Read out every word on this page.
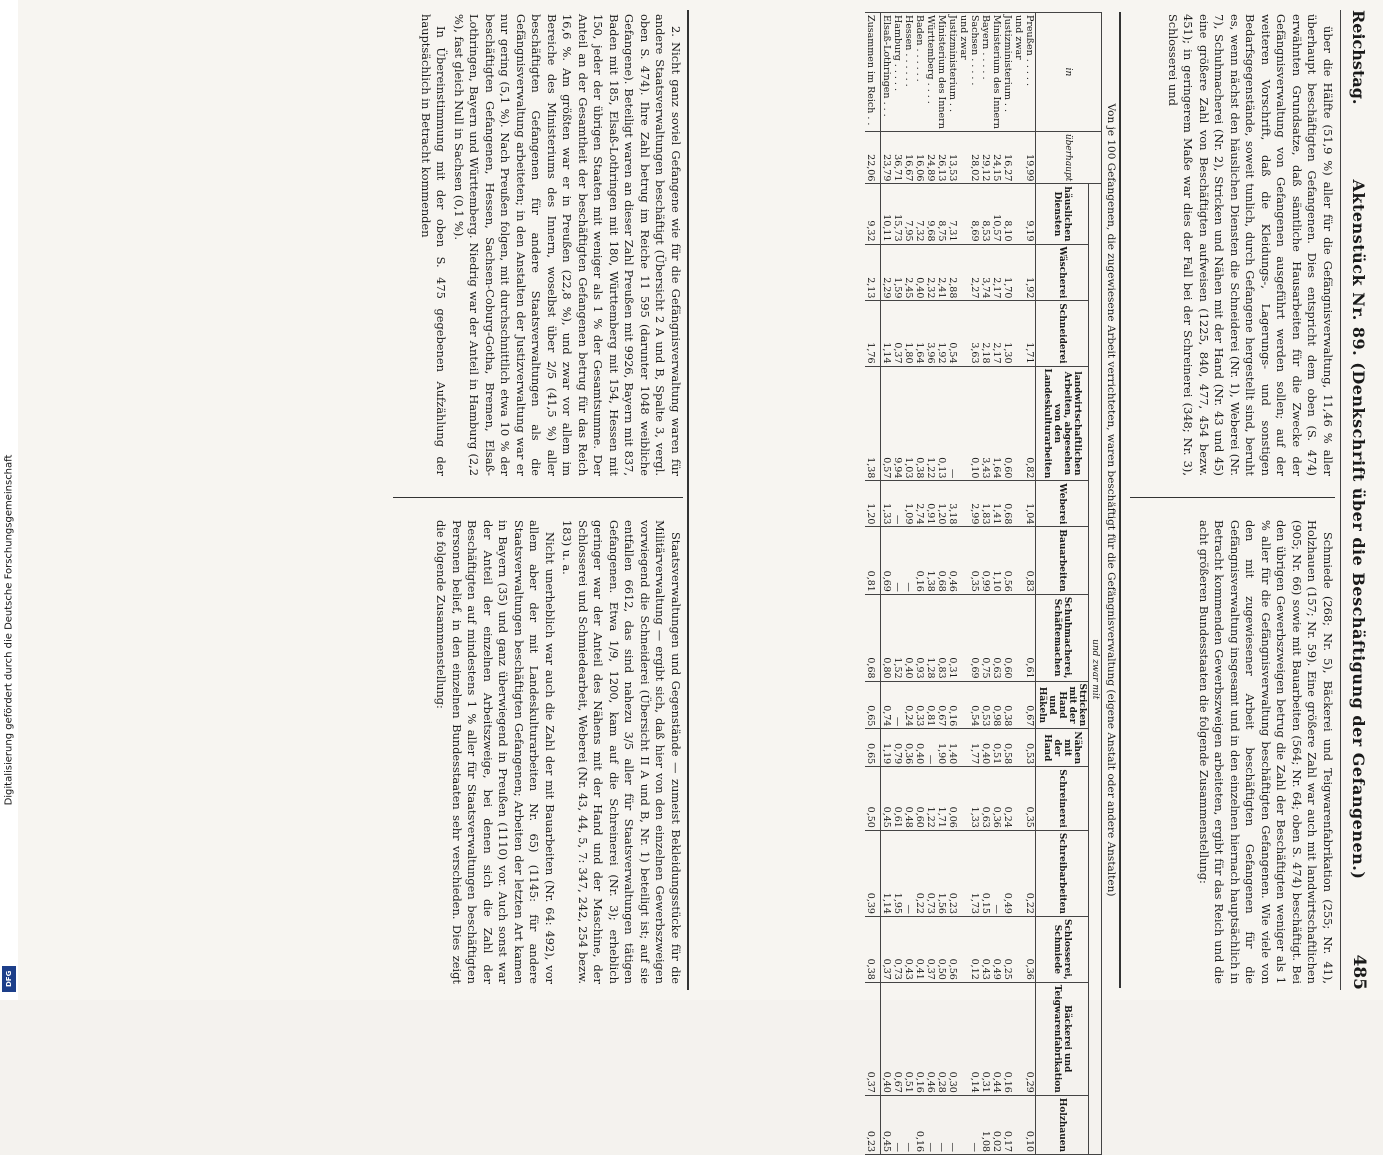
Digitalisierung gefördert durch die Deutsche Forschungsgemeinschaft
DFG
Reichstag.
Aktenstück Nr. 89. (Denkschrift über die Beschäftigung der Gefangenen.)
485

über die Hälfte (51,9 %) aller für die Gefängnisverwaltung, 11,46 % aller überhaupt beschäftigten Gefangenen. Dies entspricht dem oben (S. 474) erwähnten Grundsatze, daß sämtliche Hausarbeiten für die Zwecke der Gefängnisverwaltung von Gefangenen ausgeführt werden sollen; auf der weiteren Vorschrift, daß die Kleidungs-, Lagerungs- und sonstigen Bedarfsgegenstände, soweit tunlich, durch Gefangene hergestellt sind, beruht es, wenn nächst den häuslichen Diensten die Schneiderei (Nr. 1), Weberei (Nr. 7), Schuhmacherei (Nr. 2), Stricken und Nähen mit der Hand (Nr. 43 und 45) eine größere Zahl von Beschäftigten aufweisen (1225, 840, 477, 454 bezw. 451); in geringerem Maße war dies der Fall bei der Schreinerei (348; Nr. 3), Schlosserei und

Schmiede (268; Nr. 5), Bäckerei und Teigwarenfabrikation (255; Nr. 41), Holzhauen (157; Nr. 59). Eine größere Zahl war auch mit landwirtschaftlichen (905; Nr. 66) sowie mit Bauarbeiten (564; Nr. 64; oben S. 474) beschäftigt. Bei den übrigen Gewerbszweigen betrug die Zahl der Beschäftigten weniger als 1 % aller für die Gefängnisverwaltung beschäftigten Gefangenen. Wie viele von den mit zugewiesener Arbeit beschäftigten Gefangenen für die Gefängnisverwaltung insgesamt und in den einzelnen hiernach hauptsächlich in Betracht kommenden Gewerbszweigen arbeiteten, ergibt für das Reich und die acht größeren Bundesstaaten die folgende Zusammenstellung:

Von je 100 Gefangenen, die zugewiesene Arbeit verrichteten, waren beschäftigt für die Gefängnisverwaltung (eigene Anstalt oder andere Anstalten)
in	überhaupt	und zwar mit													
		häuslichen Diensten	Wäscherei	Schneiderei	landwirtschaftlichen Arbeiten, abgesehen von den Landeskulturarbeiten	Weberei	Bauarbeiten	Schuhmacherei, Schäftemachen	Stricken mit der Hand und Häkeln	Nähen mit der Hand	Schreinerei	Schreibarbeiten	Schlosserei, Schmiede	Bäckerei und Teigwarenfabrikation	Holzhauen
Preußen . . . . .	19,99	9,19	1,92	1,71	0,82	1,04	0,83	0,61	0,67	0,53	0,35	0,22	0,36	0,29	0,10
und zwar															
Justizministerium . .	16,27	8,10	1,70	1,30	0,60	0,68	0,56	0,60	0,38	0,58	0,24	0,49	0,25	0,16	0,17
Ministerium des Innern	24,15	10,57	2,17	2,17	1,64	1,41	1,10	0,63	0,98	0,51	0,36	—	0,49	0,44	0,02
Bayern . . . . .	29,12	8,53	3,74	2,18	3,43	1,83	0,99	0,75	0,53	0,40	0,63	0,15	0,43	0,31	1,08
Sachsen . . . . .	28,02	8,69	2,27	3,63	0,10	2,99	0,35	0,69	0,54	1,77	1,33	1,73	0,12	0,14	—
und zwar															
Justizministerium . .	13,53	7,31	2,88	0,54	—	3,18	0,46	0,31	0,16	1,40	0,06	0,23	0,56	0,30	—
Ministerium des Innern	26,13	8,75	2,41	1,92	0,13	1,20	0,68	0,83	0,67	1,90	1,71	1,56	0,50	0,28	—
Württemberg . . . .	24,89	9,68	2,32	3,96	1,22	0,91	1,38	1,28	0,81	—	1,22	0,73	0,37	0,46	—
Baden . . . . . .	16,06	7,32	0,40	1,64	0,38	2,74	0,16	0,93	0,33	0,40	0,60	0,22	0,41	0,16	0,16
Hessen . . . . . .	16,67	7,95	2,45	1,80	1,03	1,09	—	0,40	0,24	0,36	0,48	—	0,43	0,51	—
Hamburg . . . . .	36,71	15,73	1,59	0,37	9,94	—	—	1,52	—	0,79	0,61	1,95	0,73	0,67	—
Elsaß-Lothringen . . .	23,79	10,11	2,29	1,14	0,57	1,33	0,69	0,80	0,74	1,19	0,45	1,14	0,37	0,40	0,45
Zusammen im Reich . .	22,06	9,32	2,13	1,76	1,38	1,20	0,81	0,68	0,65	0,65	0,50	0,39	0,38	0,37	0,23

2. Nicht ganz soviel Gefangene wie für die Gefängnisverwaltung waren für andere Staatsverwaltungen beschäftigt (Übersicht 2 A und B, Spalte 3, vergl. oben S. 474). Ihre Zahl betrug im Reiche 11 595 (darunter 1048 weibliche Gefangene). Beteiligt waren an dieser Zahl Preußen mit 9926, Bayern mit 837, Baden mit 185, Elsaß-Lothringen mit 180, Württemberg mit 154, Hessen mit 150, jeder der übrigen Staaten mit weniger als 1 % der Gesamtsumme. Der Anteil an der Gesamtheit der beschäftigten Gefangenen betrug für das Reich 16,6 %. Am größten war er in Preußen (22,8 %), und zwar vor allem im Bereiche des Ministeriums des Innern, woselbst über 2/5 (41,5 %) aller beschäftigten Gefangenen für andere Staatsverwaltungen als die Gefängnisverwaltung arbeiteten; in den Anstalten der Justizverwaltung war er nur gering (5,1 %). Nach Preußen folgen, mit durchschnittlich etwa 10 % der beschäftigten Gefangenen, Hessen, Sachsen-Coburg-Gotha, Bremen, Elsaß-Lothringen, Bayern und Württemberg. Niedrig war der Anteil in Hamburg (2,2 %), fast gleich Null in Sachsen (0,1 %).

In Übereinstimmung mit der oben S. 475 gegebenen Aufzählung der hauptsächlich in Betracht kommenden

Staatsverwaltungen und Gegenstände — zumeist Bekleidungsstücke für die Militärverwaltung — ergibt sich, daß hier von den einzelnen Gewerbszweigen vorwiegend die Schneiderei (Übersicht II A und B, Nr. 1) beteiligt ist; auf sie entfallen 6612, das sind nahezu 3/5 aller für Staatsverwaltungen tätigen Gefangenen. Etwa 1/9, 1200, kam auf die Schreinerei (Nr. 3); erheblich geringer war der Anteil des Nähens mit der Hand und der Maschine, der Schlosserei und Schmiedearbeit, Weberei (Nr. 43, 44, 5, 7: 347, 242, 254 bezw. 183) u. a.

Nicht unerheblich war auch die Zahl der mit Bauarbeiten (Nr. 64: 492), vor allem aber der mit Landeskulturarbeiten Nr. 65) (1145: für andere Staatsverwaltungen beschäftigten Gefangenen; Arbeiten der letzten Art kamen in Bayern (35) und ganz überwiegend in Preußen (1110) vor. Auch sonst war der Anteil der einzelnen Arbeitszweige, bei denen sich die Zahl der Beschäftigten auf mindestens 1 % aller für Staatsverwaltungen beschäftigten Personen belief, in den einzelnen Bundesstaaten sehr verschieden. Dies zeigt die folgende Zusammenstellung:
